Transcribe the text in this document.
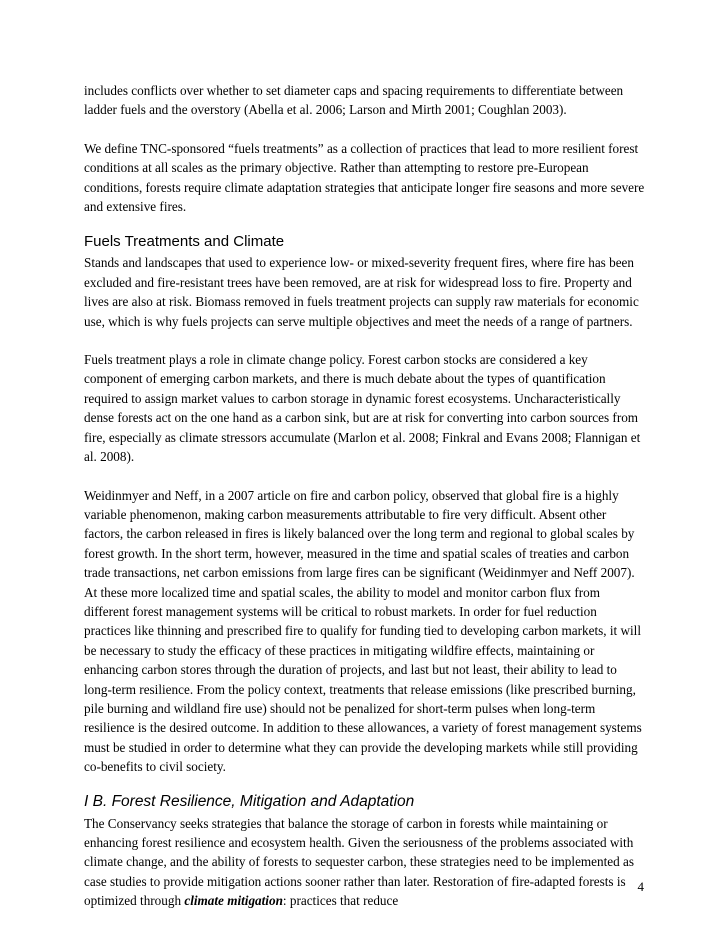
includes conflicts over whether to set diameter caps and spacing requirements to differentiate between ladder fuels and the overstory (Abella et al. 2006; Larson and Mirth 2001; Coughlan 2003).

We define TNC-sponsored “fuels treatments” as a collection of practices that lead to more resilient forest conditions at all scales as the primary objective. Rather than attempting to restore pre-European conditions, forests require climate adaptation strategies that anticipate longer fire seasons and more severe and extensive fires.

Fuels Treatments and Climate

Stands and landscapes that used to experience low- or mixed-severity frequent fires, where fire has been excluded and fire-resistant trees have been removed, are at risk for widespread loss to fire. Property and lives are also at risk. Biomass removed in fuels treatment projects can supply raw materials for economic use, which is why fuels projects can serve multiple objectives and meet the needs of a range of partners.

Fuels treatment plays a role in climate change policy. Forest carbon stocks are considered a key component of emerging carbon markets, and there is much debate about the types of quantification required to assign market values to carbon storage in dynamic forest ecosystems. Uncharacteristically dense forests act on the one hand as a carbon sink, but are at risk for converting into carbon sources from fire, especially as climate stressors accumulate (Marlon et al. 2008; Finkral and Evans 2008; Flannigan et al. 2008).

Weidinmyer and Neff, in a 2007 article on fire and carbon policy, observed that global fire is a highly variable phenomenon, making carbon measurements attributable to fire very difficult. Absent other factors, the carbon released in fires is likely balanced over the long term and regional to global scales by forest growth. In the short term, however, measured in the time and spatial scales of treaties and carbon trade transactions, net carbon emissions from large fires can be significant (Weidinmyer and Neff 2007). At these more localized time and spatial scales, the ability to model and monitor carbon flux from different forest management systems will be critical to robust markets. In order for fuel reduction practices like thinning and prescribed fire to qualify for funding tied to developing carbon markets, it will be necessary to study the efficacy of these practices in mitigating wildfire effects, maintaining or enhancing carbon stores through the duration of projects, and last but not least, their ability to lead to long-term resilience. From the policy context, treatments that release emissions (like prescribed burning, pile burning and wildland fire use) should not be penalized for short-term pulses when long-term resilience is the desired outcome. In addition to these allowances, a variety of forest management systems must be studied in order to determine what they can provide the developing markets while still providing co-benefits to civil society.

I B. Forest Resilience, Mitigation and Adaptation

The Conservancy seeks strategies that balance the storage of carbon in forests while maintaining or enhancing forest resilience and ecosystem health. Given the seriousness of the problems associated with climate change, and the ability of forests to sequester carbon, these strategies need to be implemented as case studies to provide mitigation actions sooner rather than later. Restoration of fire-adapted forests is optimized through climate mitigation: practices that reduce

4
